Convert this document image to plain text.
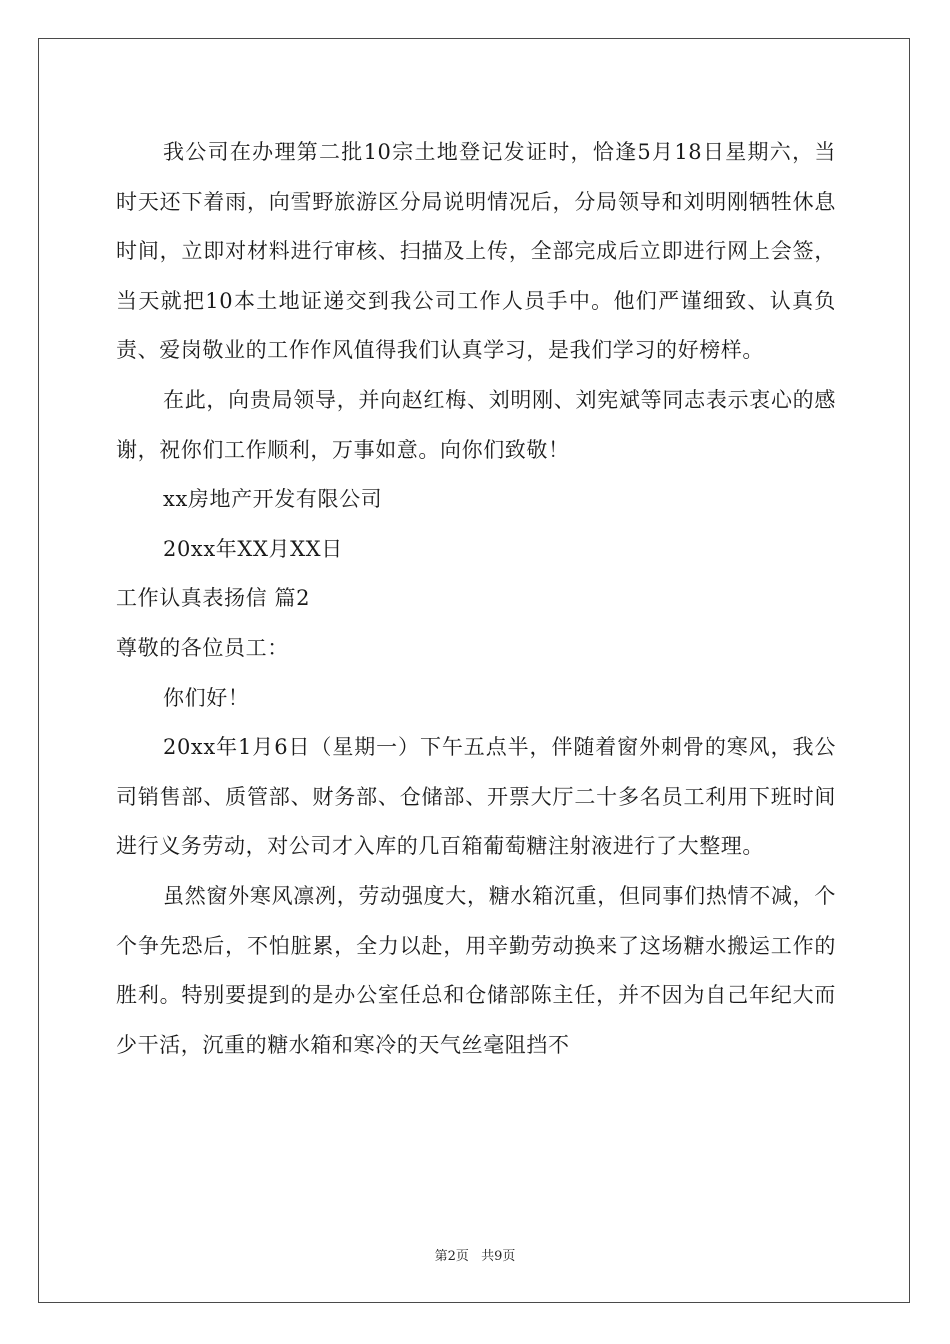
我公司在办理第二批10宗土地登记发证时，恰逢5月18日星期六，当时天还下着雨，向雪野旅游区分局说明情况后，分局领导和刘明刚牺牲休息时间，立即对材料进行审核、扫描及上传，全部完成后立即进行网上会签，当天就把10本土地证递交到我公司工作人员手中。他们严谨细致、认真负责、爱岗敬业的工作作风值得我们认真学习，是我们学习的好榜样。

在此，向贵局领导，并向赵红梅、刘明刚、刘宪斌等同志表示衷心的感谢，祝你们工作顺利，万事如意。向你们致敬！

xx房地产开发有限公司

20xx年XX月XX日

工作认真表扬信 篇2

尊敬的各位员工：

你们好！

20xx年1月6日（星期一）下午五点半，伴随着窗外刺骨的寒风，我公司销售部、质管部、财务部、仓储部、开票大厅二十多名员工利用下班时间进行义务劳动，对公司才入库的几百箱葡萄糖注射液进行了大整理。

虽然窗外寒风凛冽，劳动强度大，糖水箱沉重，但同事们热情不减，个个争先恐后，不怕脏累，全力以赴，用辛勤劳动换来了这场糖水搬运工作的胜利。特别要提到的是办公室任总和仓储部陈主任，并不因为自己年纪大而少干活，沉重的糖水箱和寒冷的天气丝毫阻挡不

第2页 共9页
